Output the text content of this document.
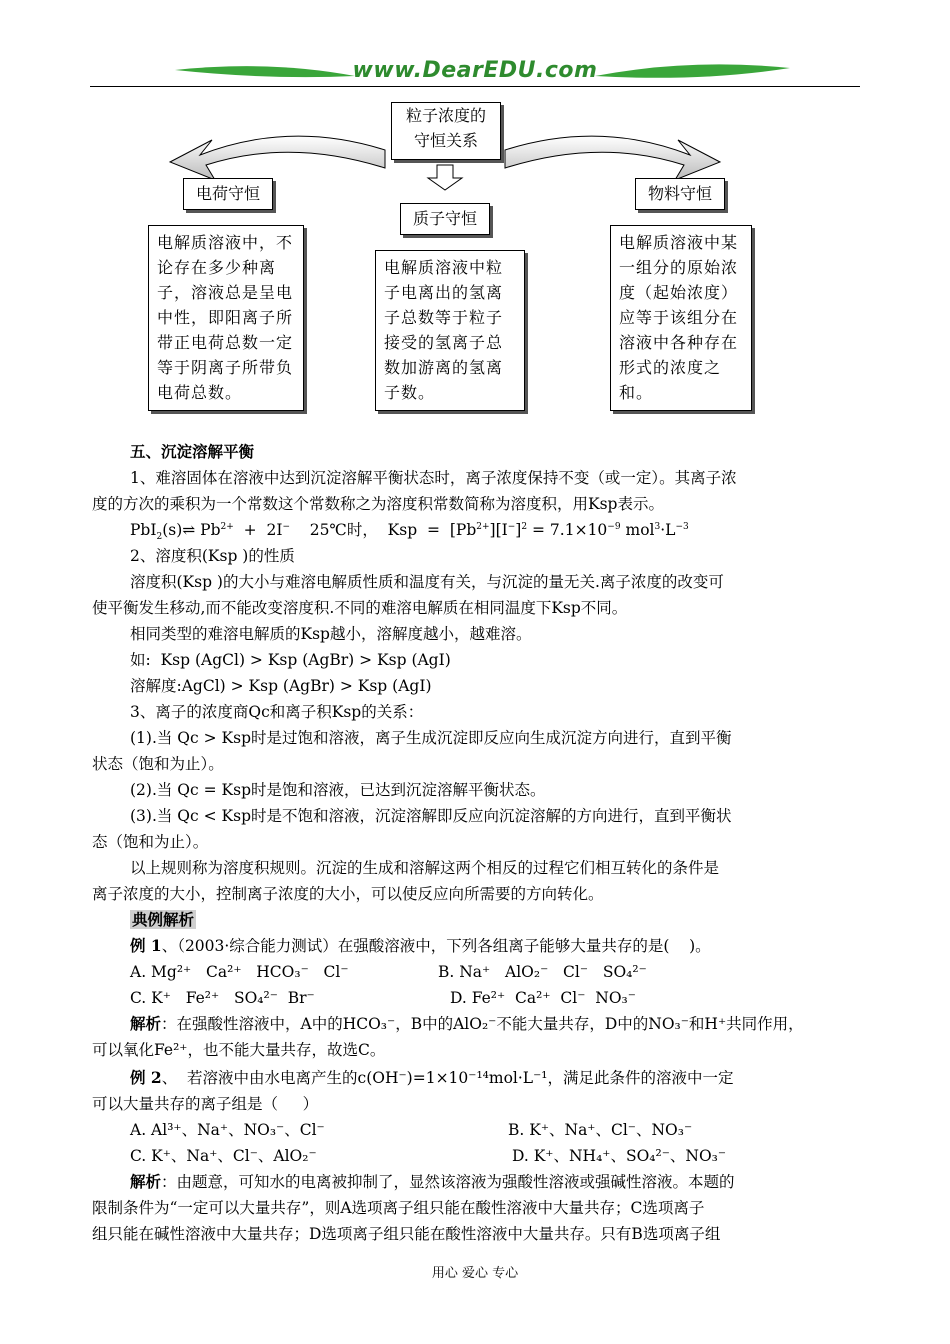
www.DearEDU.com
粒子浓度的
守恒关系
电荷守恒
质子守恒
物料守恒
电解质溶液中，不
论存在多少种离
子，溶液总是呈电
中性，即阳离子所
带正电荷总数一定
等于阴离子所带负
电荷总数。
电解质溶液中粒
子电离出的氢离
子总数等于粒子
接受的氢离子总
数加游离的氢离
子数。
电解质溶液中某
一组分的原始浓
度（起始浓度）
应等于该组分在
溶液中各种存在
形式的浓度之
和。
五、沉淀溶解平衡
1、难溶固体在溶液中达到沉淀溶解平衡状态时，离子浓度保持不变（或一定）。其离子浓
度的方次的乘积为一个常数这个常数称之为溶度积常数简称为溶度积，用Ksp表示。
PbI$_2$(s)⇌ $Pb^{2+} + 2I^-$    25℃时，  Ksp  =  $[Pb^{2+}][I^-]^2 = 7.1\times 10^{-9}$ $mol^3\cdot L^{-3}$
2、溶度积(Ksp )的性质
溶度积(Ksp )的大小与难溶电解质性质和温度有关，与沉淀的量无关.离子浓度的改变可
使平衡发生移动,而不能改变溶度积.不同的难溶电解质在相同温度下Ksp不同。
相同类型的难溶电解质的Ksp越小，溶解度越小，越难溶。
如:  Ksp (AgCl) > Ksp (AgBr) > Ksp (AgI)
溶解度:AgCl) > Ksp (AgBr) > Ksp (AgI)
3、离子的浓度商Qc和离子积Ksp的关系：
(1).当 Qc > Ksp时是过饱和溶液，离子生成沉淀即反应向生成沉淀方向进行，直到平衡
状态（饱和为止）。
(2).当 Qc = Ksp时是饱和溶液，已达到沉淀溶解平衡状态。
(3).当 Qc < Ksp时是不饱和溶液，沉淀溶解即反应向沉淀溶解的方向进行，直到平衡状
态（饱和为止）。
以上规则称为溶度积规则。沉淀的生成和溶解这两个相反的过程它们相互转化的条件是
离子浓度的大小，控制离子浓度的大小，可以使反应向所需要的方向转化。
典例解析
例 1、（2003·综合能力测试）在强酸溶液中，下列各组离子能够大量共存的是(    )。
A. Mg²⁺   Ca²⁺   HCO₃⁻   Cl⁻	B. Na⁺   AlO₂⁻   Cl⁻   SO₄²⁻
C. K⁺   Fe²⁺   SO₄²⁻  Br⁻	D. Fe²⁺  Ca²⁺  Cl⁻  NO₃⁻
解析：在强酸性溶液中，A中的HCO₃⁻，B中的AlO₂⁻不能大量共存，D中的NO₃⁻和H⁺共同作用，
可以氧化Fe²⁺，也不能大量共存，故选C。
例 2、  若溶液中由水电离产生的c(OH⁻)=1×10⁻¹⁴mol·L⁻¹，满足此条件的溶液中一定
可以大量共存的离子组是（     ）
A. Al³⁺、Na⁺、NO₃⁻、Cl⁻	B. K⁺、Na⁺、Cl⁻、NO₃⁻
C. K⁺、Na⁺、Cl⁻、AlO₂⁻	D. K⁺、NH₄⁺、SO₄²⁻、NO₃⁻
解析：由题意，可知水的电离被抑制了，显然该溶液为强酸性溶液或强碱性溶液。本题的
限制条件为“一定可以大量共存”，则A选项离子组只能在酸性溶液中大量共存；C选项离子
组只能在碱性溶液中大量共存；D选项离子组只能在酸性溶液中大量共存。只有B选项离子组
用心 爱心 专心
